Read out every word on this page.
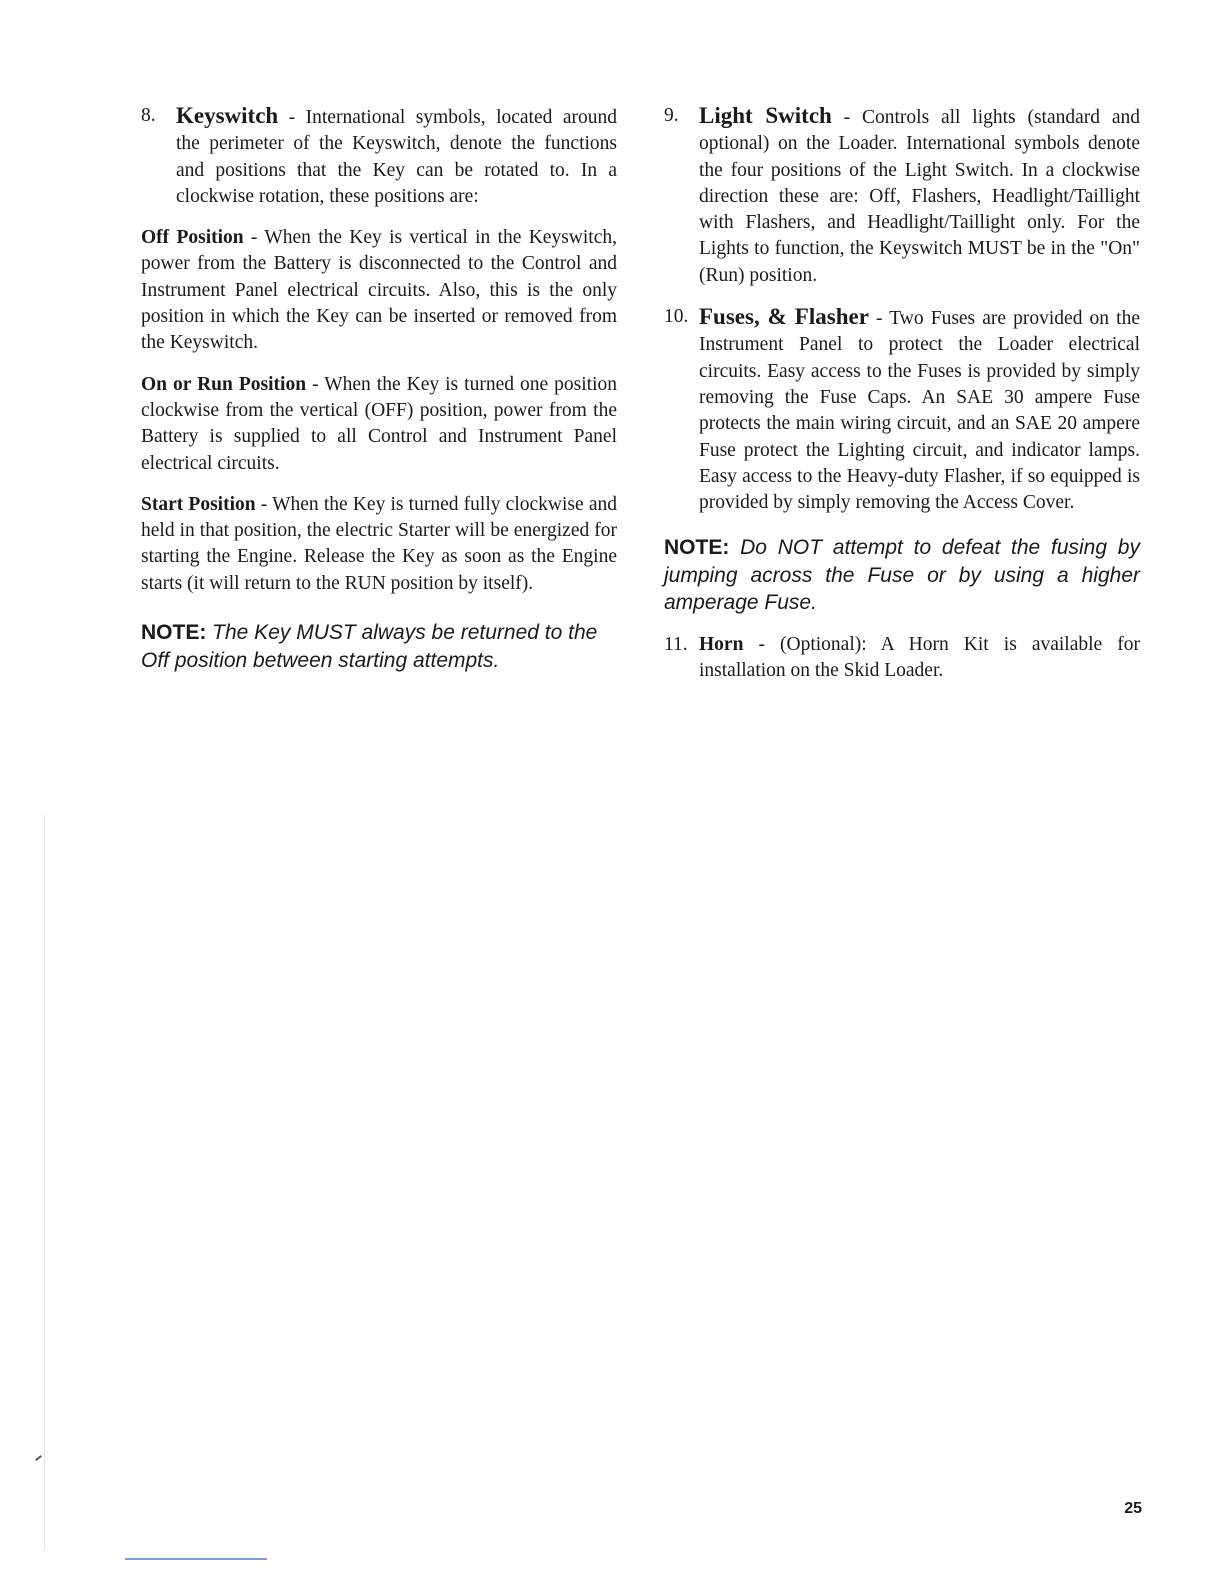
8. Keyswitch - International symbols, located around the perimeter of the Keyswitch, denote the functions and positions that the Key can be rotated to. In a clockwise rotation, these positions are:

Off Position - When the Key is vertical in the Keyswitch, power from the Battery is disconnected to the Control and Instrument Panel electrical circuits. Also, this is the only position in which the Key can be inserted or removed from the Keyswitch.

On or Run Position - When the Key is turned one position clockwise from the vertical (OFF) position, power from the Battery is supplied to all Control and Instrument Panel electrical circuits.

Start Position - When the Key is turned fully clockwise and held in that position, the electric Starter will be energized for starting the Engine. Release the Key as soon as the Engine starts (it will return to the RUN position by itself).

NOTE: The Key MUST always be returned to the Off position between starting attempts.

9. Light Switch - Controls all lights (standard and optional) on the Loader. International symbols denote the four positions of the Light Switch. In a clockwise direction these are: Off, Flashers, Headlight/Taillight with Flashers, and Headlight/Taillight only. For the Lights to function, the Keyswitch MUST be in the "On"(Run) position.
10. Fuses, & Flasher - Two Fuses are provided on the Instrument Panel to protect the Loader electrical circuits. Easy access to the Fuses is provided by simply removing the Fuse Caps. An SAE 30 ampere Fuse protects the main wiring circuit, and an SAE 20 ampere Fuse protect the Lighting circuit, and indicator lamps. Easy access to the Heavy-duty Flasher, if so equipped is provided by simply removing the Access Cover.

NOTE: Do NOT attempt to defeat the fusing by jumping across the Fuse or by using a higher amperage Fuse.

11. Horn - (Optional): A Horn Kit is available for installation on the Skid Loader.
25
